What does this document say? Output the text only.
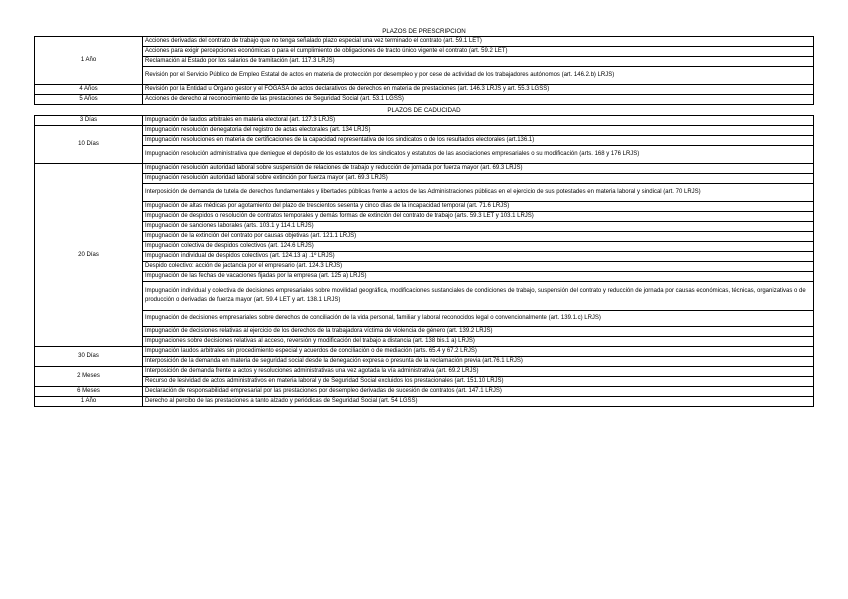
PLAZOS DE PRESCRIPCION	
1 Año	Acciones derivadas del contrato de trabajo que no tenga señalado plazo especial una vez terminado el contrato (art. 59.1 LET)
	Acciones para exigir percepciones económicas o para el cumplimiento de obligaciones de tracto único vigente el contrato (art. 59.2 LET)
	Reclamación al Estado por los salarios de tramitación (art. 117.3 LRJS)
	Revisión por el Servicio Público de Empleo Estatal de actos en materia de protección por desempleo y por cese de actividad de los trabajadores autónomos (art. 146.2.b) LRJS)
4 Años	Revisión por la Entidad u Órgano gestor y el FOGASA de actos declarativos de derechos en materia de prestaciones (art. 146.3 LRJS y art. 55.3 LGSS)
5 Años	Acciones de derecho al reconocimiento de las prestaciones de Seguridad Social (art. 53.1 LGSS)
PLAZOS DE CADUCIDAD	
3 Días	Impugnación de laudos arbitrales en materia electoral (art. 127.3 LRJS)
10 Días	Impugnación resolución denegatoria del registro de actas electorales (art. 134 LRJS)
	Impugnación resoluciones en materia de certificaciones de la capacidad representativa de los sindicatos o de los resultados electorales (art.136.1)
	Impugnación resolución administrativa que deniegue el depósito de los estatutos de los sindicatos y estatutos de las asociaciones empresariales o su modificación (arts. 168 y 176 LRJS)
20 Días	Impugnación resolución autoridad laboral sobre suspensión de relaciones de trabajo y reducción de jornada por fuerza mayor (art. 69.3 LRJS)
	Impugnación resolución autoridad laboral sobre extinción por fuerza mayor (art. 69.3 LRJS)
	Interposición de demanda de tutela de derechos fundamentales y libertades públicas frente a actos de las Administraciones públicas en el ejercicio de sus potestades en materia laboral y sindical (art. 70 LRJS)
	Impugnación de altas médicas por agotamiento del plazo de trescientos sesenta y cinco días de la incapacidad temporal (art. 71.6 LRJS)
	Impugnación de despidos o resolución de contratos temporales y demás formas de extinción del contrato de trabajo (arts. 59.3 LET y 103.1 LRJS)
	Impugnación de sanciones laborales (arts. 103.1 y 114.1 LRJS)
	Impugnación de la extinción del contrato por causas objetivas (art. 121.1 LRJS)
	Impugnación colectiva de despidos colectivos (art. 124.6 LRJS)
	Impugnación individual de despidos colectivos (art. 124.13 a) .1º LRJS)
	Despido colectivo: acción de jactancia por el empresario (art. 124.3 LRJS)
	Impugnación de las fechas de vacaciones fijadas por la empresa (art. 125 a) LRJS)
	Impugnación individual y colectiva de decisiones empresariales sobre movilidad geográfica, modificaciones sustanciales de condiciones de trabajo, suspensión del contrato y reducción de jornada por causas económicas, técnicas, organizativas o de producción o derivadas de fuerza mayor (art. 59.4 LET y art. 138.1 LRJS)
	Impugnación de decisiones empresariales sobre derechos de conciliación de la vida personal, familiar y laboral reconocidos legal o convencionalmente (art. 139.1.c) LRJS)
	Impugnación de decisiones relativas al ejercicio de los derechos de la trabajadora víctima de violencia de género (art. 139.2 LRJS)
	Impugnaciones sobre decisiones relativas al acceso, reversión y modificación del trabajo a distancia (art. 138 bis.1 a) LRJS)
30 Días	Impugnación laudos arbitrales sin procedimiento especial y acuerdos de conciliación o de mediación (arts. 65.4 y 67.2 LRJS)
	Interposición de la demanda en materia de seguridad social desde la denegación expresa o presunta de la reclamación previa (art.76.1 LRJS)
2 Meses	Interposición de demanda frente a actos y resoluciones administrativas una vez agotada la vía administrativa (art. 69.2 LRJS)
	Recurso de lesividad de actos administrativos en materia laboral y de Seguridad Social excluidos los prestacionales (art. 151.10 LRJS)
6 Meses	Declaración de responsabilidad empresarial por las prestaciones por desempleo derivadas de sucesión de contratos (art. 147.1 LRJS)
1 Año	Derecho al percibo de las prestaciones a tanto alzado y periódicas de Seguridad Social (art. 54 LGSS)
